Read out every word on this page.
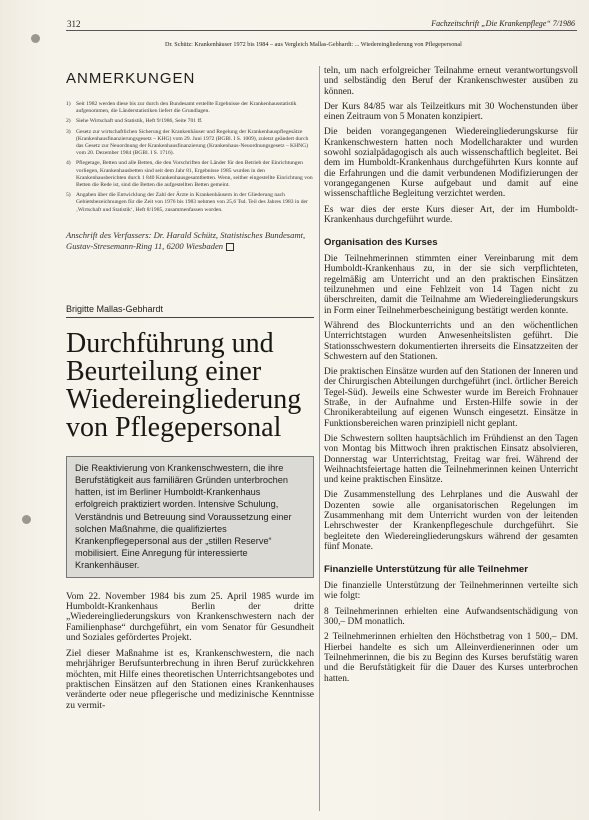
312	Fachzeitschrift „Die Krankenpflege“ 7/1986
Dr. Schütz: Krankenhäuser 1972 bis 1984 – aus Vergleich Mallas-Gebhardt: ... Wiedereingliederung von Pflegepersonal
ANMERKUNGEN
1) Seit 1982 werden diese bis zur durch den Bundesamt erstellte Ergebnisse der Krankenhausstatistik aufgenommen, die Länderstatistiken liefert die Grundlagen.
2) Siehe Wirtschaft und Statistik, Heft 9/1986, Seite 701 ff.
3) Gesetz zur wirtschaftlichen Sicherung der Krankenhäuser und Regelung der Krankenhauspflegesätze (Krankenhausfinanzierungsgesetz – KHG) vom 29. Juni 1972 (BGBl. I S. 1009), zuletzt geändert durch das Gesetz zur Neuordnung der Krankenhausfinanzierung (Krankenhaus-Neuordnungsgesetz – KHNG) vom 20. Dezember 1984 (BGBl. I S. 1716).
4) Pflegetage, Betten und alle Betten, die den Vorschriften der Länder für den Betrieb der Einrichtungen vorliegen, Krankenhausbetten sind seit dem Jahr 81, Ergebnisse 1985 wurden in den Krankenhausberichten durch 1 840 Krankenhausgesamtbetten. Wenn, seither eingestellte Einrichtung von Betten die Rede ist, sind die Betten die aufgestellten Betten gemeint.
5) Angaben über die Entwicklung der Zahl der Ärzte in Krankenhäusern in der Gliederung nach Gebietsbezeichnungen für die Zeit von 1976 bis 1983 nehmen von 25,6 Tsd. Teil des Jahres 1983 in der ‚Wirtschaft und Statistik‘, Heft 8/1985, zusammenfassen worden.
Anschrift des Verfassers: Dr. Harald Schütz, Statistisches Bundesamt, Gustav-Stresemann-Ring 11, 6200 Wiesbaden
Brigitte Mallas-Gebhardt
Durchführung und Beurteilung einer Wiedereingliederung von Pflegepersonal
Die Reaktivierung von Krankenschwestern, die ihre Berufstätigkeit aus familiären Gründen unterbrochen hatten, ist im Berliner Humboldt-Krankenhaus erfolgreich praktiziert worden. Intensive Schulung, Verständnis und Betreuung sind Voraussetzung einer solchen Maßnahme, die qualifiziertes Krankenpflegepersonal aus der „stillen Reserve“ mobilisiert. Eine Anregung für interessierte Krankenhäuser.

Vom 22. November 1984 bis zum 25. April 1985 wurde im Humboldt-Krankenhaus Berlin der dritte „Wiedereingliederungskurs von Krankenschwestern nach der Familienphase“ durchgeführt, ein vom Senator für Gesundheit und Soziales gefördertes Projekt.

Ziel dieser Maßnahme ist es, Krankenschwestern, die nach mehrjähriger Berufsunterbrechung in ihren Beruf zurückkehren möchten, mit Hilfe eines theoretischen Unterrichtsangebotes und praktischen Einsätzen auf den Stationen eines Krankenhauses veränderte oder neue pflegerische und medizinische Kenntnisse zu vermit-

teln, um nach erfolgreicher Teilnahme erneut verantwortungsvoll und selbständig den Beruf der Krankenschwester ausüben zu können.

Der Kurs 84/85 war als Teilzeitkurs mit 30 Wochenstunden über einen Zeitraum von 5 Monaten konzipiert.

Die beiden vorangegangenen Wiedereingliederungskurse für Krankenschwestern hatten noch Modellcharakter und wurden sowohl sozialpädagogisch als auch wissenschaftlich begleitet. Bei dem im Humboldt-Krankenhaus durchgeführten Kurs konnte auf die Erfahrungen und die damit verbundenen Modifizierungen der vorangegangenen Kurse aufgebaut und damit auf eine wissenschaftliche Begleitung verzichtet werden.

Es war dies der erste Kurs dieser Art, der im Humboldt-Krankenhaus durchgeführt wurde.

Organisation des Kurses

Die Teilnehmerinnen stimmten einer Vereinbarung mit dem Humboldt-Krankenhaus zu, in der sie sich verpflichteten, regelmäßig am Unterricht und an den praktischen Einsätzen teilzunehmen und eine Fehlzeit von 14 Tagen nicht zu überschreiten, damit die Teilnahme am Wiedereingliederungskurs in Form einer Teilnehmerbescheinigung bestätigt werden konnte.

Während des Blockunterrichts und an den wöchentlichen Unterrichtstagen wurden Anwesenheitslisten geführt. Die Stationsschwestern dokumentierten ihrerseits die Einsatzzeiten der Schwestern auf den Stationen.

Die praktischen Einsätze wurden auf den Stationen der Inneren und der Chirurgischen Abteilungen durchgeführt (incl. örtlicher Bereich Tegel-Süd). Jeweils eine Schwester wurde im Bereich Frohnauer Straße, in der Aufnahme und Ersten-Hilfe sowie in der Chronikerabteilung auf eigenen Wunsch eingesetzt. Einsätze in Funktionsbereichen waren prinzipiell nicht geplant.

Die Schwestern sollten hauptsächlich im Frühdienst an den Tagen von Montag bis Mittwoch ihren praktischen Einsatz absolvieren, Donnerstag war Unterrichtstag, Freitag war frei. Während der Weihnachtsfeiertage hatten die Teilnehmerinnen keinen Unterricht und keine praktischen Einsätze.

Die Zusammenstellung des Lehrplanes und die Auswahl der Dozenten sowie alle organisatorischen Regelungen im Zusammenhang mit dem Unterricht wurden von der leitenden Lehrschwester der Krankenpflegeschule durchgeführt. Sie begleitete den Wiedereingliederungskurs während der gesamten fünf Monate.

Finanzielle Unterstützung für alle Teilnehmer

Die finanzielle Unterstützung der Teilnehmerinnen verteilte sich wie folgt:

8 Teilnehmerinnen erhielten eine Aufwandsentschädigung von 300,– DM monatlich.

2 Teilnehmerinnen erhielten den Höchstbetrag von 1 500,– DM. Hierbei handelte es sich um Alleinverdienerinnen oder um Teilnehmerinnen, die bis zu Beginn des Kurses berufstätig waren und die Berufstätigkeit für die Dauer des Kurses unterbrochen hatten.
